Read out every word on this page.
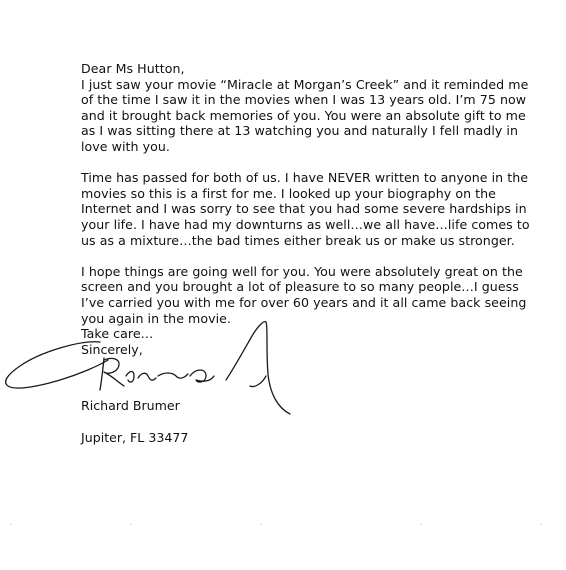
Dear Ms Hutton,
I just saw your movie “Miracle at Morgan’s Creek” and it reminded me
of the time I saw it in the movies when I was 13 years old. I’m 75 now
and it brought back memories of you. You were an absolute gift to me
as I was sitting there at 13 watching you and naturally I fell madly in
love with you.
Time has passed for both of us. I have NEVER written to anyone in the
movies so this is a first for me. I looked up your biography on the
Internet and I was sorry to see that you had some severe hardships in
your life. I have had my downturns as well…we all have…life comes to
us as a mixture…the bad times either break us or make us stronger.
I hope things are going well for you. You were absolutely great on the
screen and you brought a lot of pleasure to so many people…I guess
I’ve carried you with me for over 60 years and it all came back seeing
you again in the movie.
Take care…
Sincerely,
Richard Brumer
Jupiter, FL 33477
